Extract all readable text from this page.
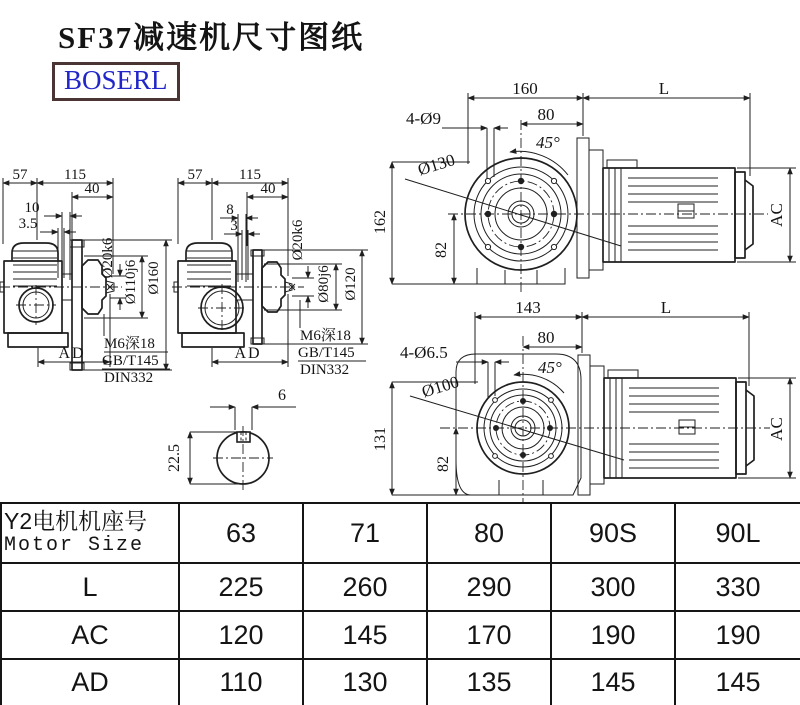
SF37减速机尺寸图纸
BOSERL
57 115
40
10
3.5
Ø20k6
Ø110j6 Ø160
AD
M6深18
GB/T145
DIN332
57 115
40
8
3	Ø20k6
Ø80j6 Ø120
AD
M6深18
GB/T145
DIN332
160	L
80
4-Ø9
45°
Ø130
162
82
AC
143	L
80
4-Ø6.5
45°
Ø100
131
82
AC
6
22.5
Y2电机机座号
Motor Size	63	71	80	90S	90L
L	225	260	290	300	330
AC	120	145	170	190	190
AD	110	130	135	145	145
